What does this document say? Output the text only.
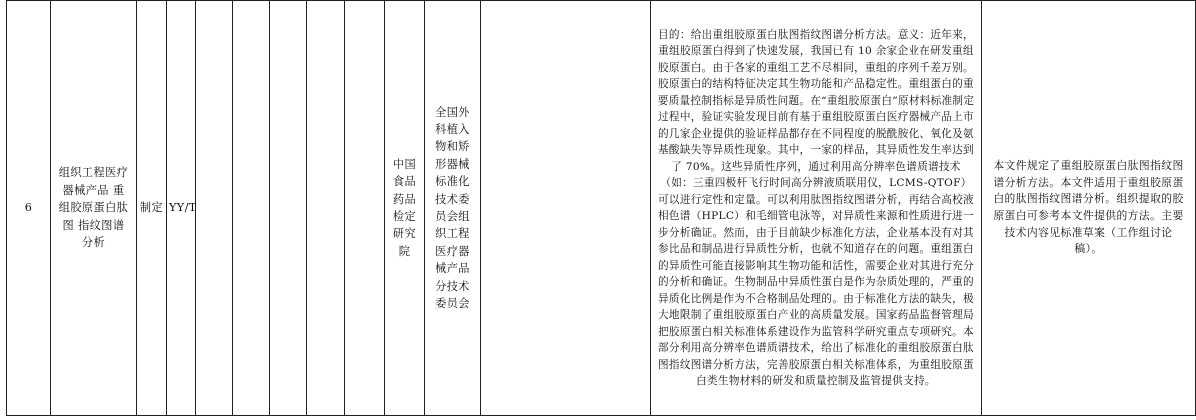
6

组织工程医疗器械产品 重组胶原蛋白肽图 指纹图谱分析

制定	YY/T

中国食品药品检定研究院

全国外科植入物和矫形器械标准化技术委员会组织工程医疗器械产品分技术委员会

目的：给出重组胶原蛋白肽图指纹图谱分析方法。意义：近年来，重组胶原蛋白得到了快速发展，我国已有 10 余家企业在研发重组胶原蛋白。由于各家的重组工艺不尽相同，重组的序列千差万别。胶原蛋白的结构特征决定其生物功能和产品稳定性。重组蛋白的重要质量控制指标是异质性问题。在“重组胶原蛋白”原材料标准制定过程中，验证实验发现目前有基于重组胶原蛋白医疗器械产品上市的几家企业提供的验证样品都存在不同程度的脱酰胺化、氧化及氨基酸缺失等异质性现象。其中，一家的样品，其异质性发生率达到了 70%。这些异质性序列，通过利用高分辨率色谱质谱技术（如：三重四极杆飞行时间高分辨液质联用仪，LCMS-QTOF）可以进行定性和定量。可以利用肽图指纹图谱分析，再结合高校液相色谱（HPLC）和毛细管电泳等，对异质性来源和性质进行进一步分析确证。然而，由于目前缺少标准化方法，企业基本没有对其参比品和制品进行异质性分析，也就不知道存在的问题。重组蛋白的异质性可能直接影响其生物功能和活性，需要企业对其进行充分的分析和确证。生物制品中异质性蛋白是作为杂质处理的，严重的异质化比例是作为不合格制品处理的。由于标准化方法的缺失，极大地限制了重组胶原蛋白产业的高质量发展。国家药品监督管理局把胶原蛋白相关标准体系建设作为监管科学研究重点专项研究。本部分利用高分辨率色谱质谱技术，给出了标准化的重组胶原蛋白肽图指纹图谱分析方法，完善胶原蛋白相关标准体系，为重组胶原蛋白类生物材料的研发和质量控制及监管提供支持。

本文件规定了重组胶原蛋白肽图指纹图谱分析方法。本文件适用于重组胶原蛋白的肽图指纹图谱分析。组织提取的胶原蛋白可参考本文件提供的方法。主要技术内容见标准草案（工作组讨论稿）。
